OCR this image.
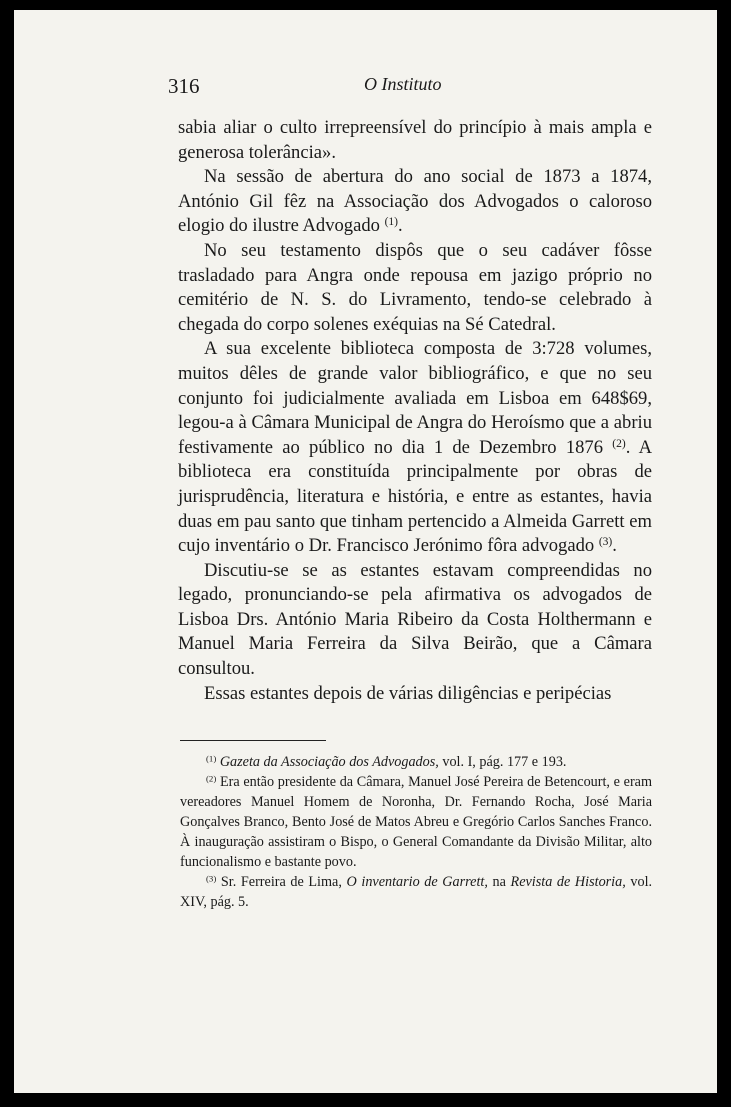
316	O Instituto

sabia aliar o culto irrepreensível do princípio à mais ampla e generosa tolerância».

Na sessão de abertura do ano social de 1873 a 1874, António Gil fêz na Associação dos Advogados o caloroso elogio do ilustre Advogado $^{(1)}$.

No seu testamento dispôs que o seu cadáver fôsse trasladado para Angra onde repousa em jazigo próprio no cemitério de N. S. do Livramento, tendo-se celebrado à chegada do corpo solenes exéquias na Sé Catedral.

A sua excelente biblioteca composta de 3:728 volumes, muitos dêles de grande valor bibliográfico, e que no seu conjunto foi judicialmente avaliada em Lisboa em 648$69, legou-a à Câmara Municipal de Angra do Heroísmo que a abriu festivamente ao público no dia 1 de Dezembro 1876 $^{(2)}$. A biblioteca era constituída principalmente por obras de jurisprudência, literatura e história, e entre as estantes, havia duas em pau santo que tinham pertencido a Almeida Garrett em cujo inventário o Dr. Francisco Jerónimo fôra advogado $^{(3)}$.

Discutiu-se se as estantes estavam compreendidas no legado, pronunciando-se pela afirmativa os advogados de Lisboa Drs. António Maria Ribeiro da Costa Holthermann e Manuel Maria Ferreira da Silva Beirão, que a Câmara consultou.

Essas estantes depois de várias diligências e peripécias

$^{(1)}$ Gazeta da Associação dos Advogados, vol. I, pág. 177 e 193.

$^{(2)}$ Era então presidente da Câmara, Manuel José Pereira de Betencourt, e eram vereadores Manuel Homem de Noronha, Dr. Fernando Rocha, José Maria Gonçalves Branco, Bento José de Matos Abreu e Gregório Carlos Sanches Franco. À inauguração assistiram o Bispo, o General Comandante da Divisão Militar, alto funcionalismo e bastante povo.

$^{(3)}$ Sr. Ferreira de Lima, O inventario de Garrett, na Revista de Historia, vol. XIV, pág. 5.
